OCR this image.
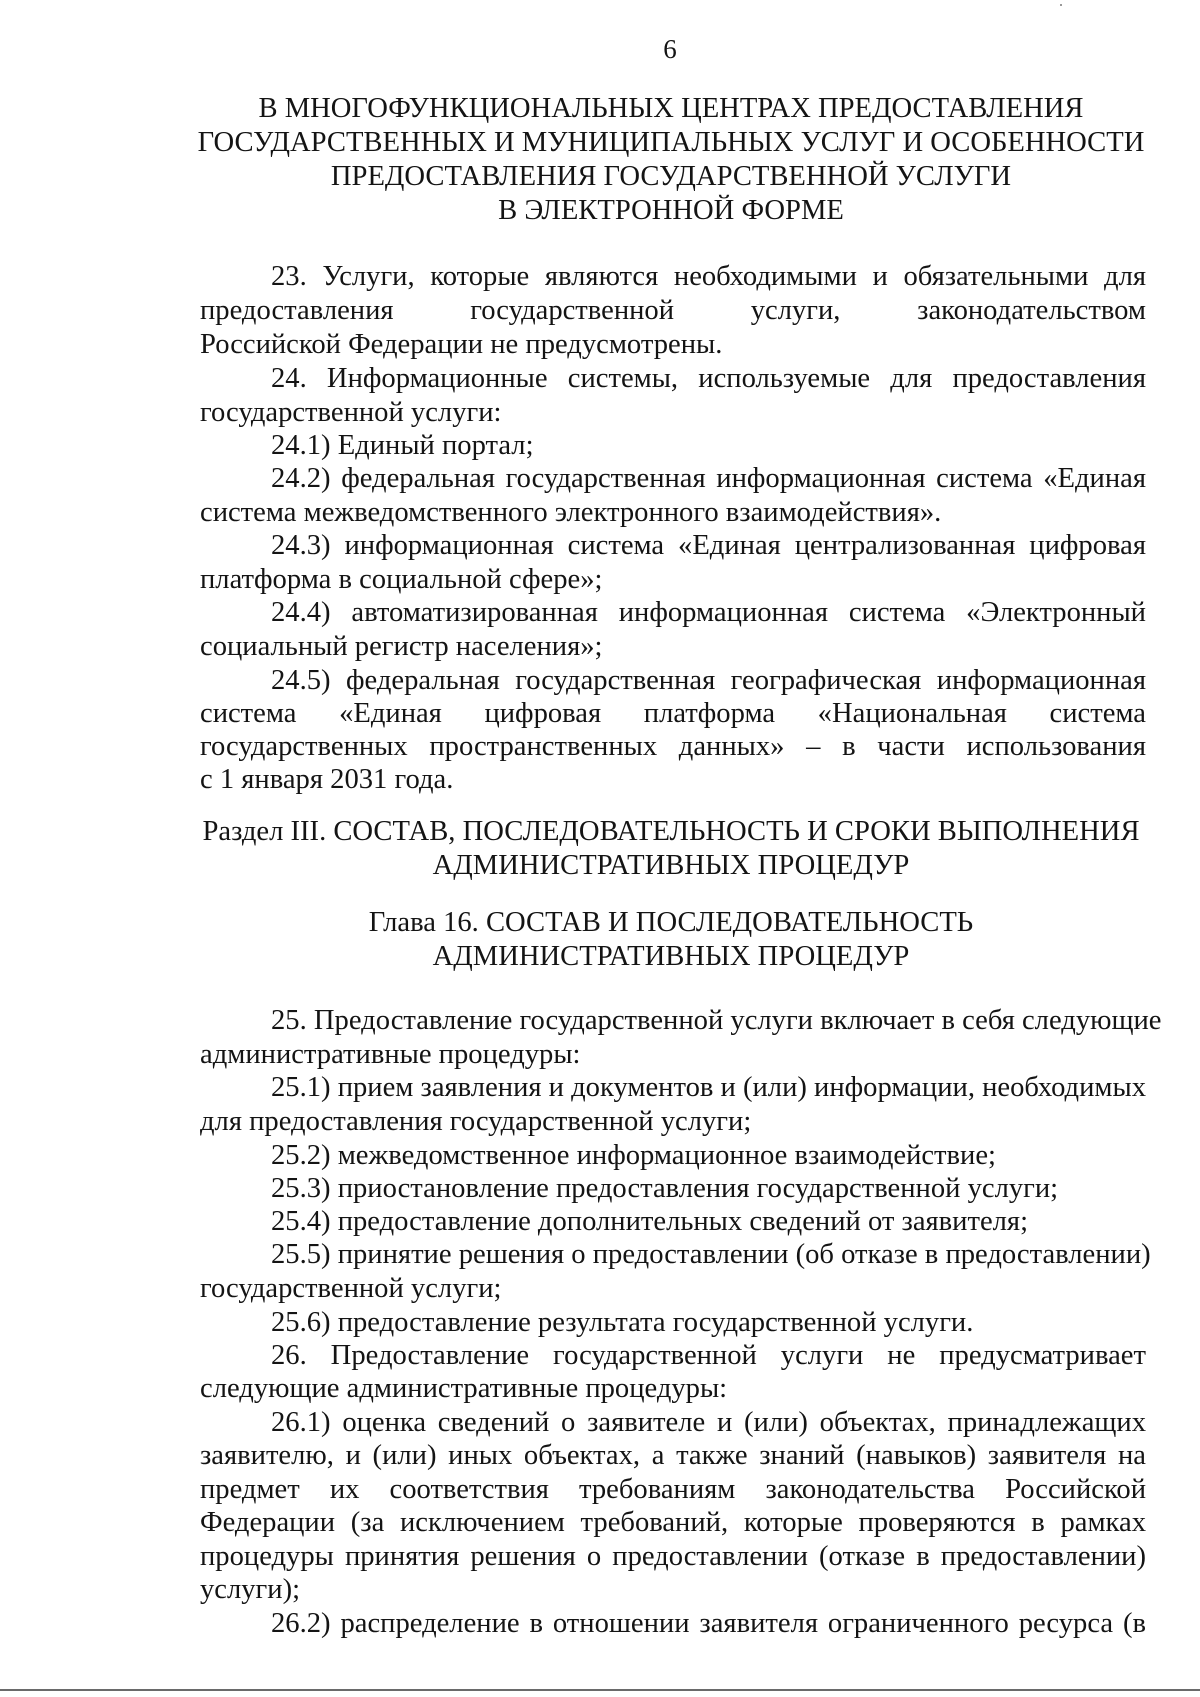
6
В МНОГОФУНКЦИОНАЛЬНЫХ ЦЕНТРАХ ПРЕДОСТАВЛЕНИЯ
ГОСУДАРСТВЕННЫХ И МУНИЦИПАЛЬНЫХ УСЛУГ И ОСОБЕННОСТИ
ПРЕДОСТАВЛЕНИЯ ГОСУДАРСТВЕННОЙ УСЛУГИ
В ЭЛЕКТРОННОЙ ФОРМЕ
23. Услуги, которые являются необходимыми и обязательными для
предоставления государственной услуги, законодательством
Российской Федерации не предусмотрены.
24. Информационные системы, используемые для предоставления
государственной услуги:
24.1) Единый портал;
24.2) федеральная государственная информационная система «Единая
система межведомственного электронного взаимодействия».
24.3) информационная система «Единая централизованная цифровая
платформа в социальной сфере»;
24.4) автоматизированная информационная система «Электронный
социальный регистр населения»;
24.5) федеральная государственная географическая информационная
система «Единая цифровая платформа «Национальная система
государственных пространственных данных» – в части использования
с 1 января 2031 года.
Раздел III. СОСТАВ, ПОСЛЕДОВАТЕЛЬНОСТЬ И СРОКИ ВЫПОЛНЕНИЯ
АДМИНИСТРАТИВНЫХ ПРОЦЕДУР
Глава 16. СОСТАВ И ПОСЛЕДОВАТЕЛЬНОСТЬ
АДМИНИСТРАТИВНЫХ ПРОЦЕДУР
25. Предоставление государственной услуги включает в себя следующие
административные процедуры:
25.1) прием заявления и документов и (или) информации, необходимых
для предоставления государственной услуги;
25.2) межведомственное информационное взаимодействие;
25.3) приостановление предоставления государственной услуги;
25.4) предоставление дополнительных сведений от заявителя;
25.5) принятие решения о предоставлении (об отказе в предоставлении)
государственной услуги;
25.6) предоставление результата государственной услуги.
26. Предоставление государственной услуги не предусматривает
следующие административные процедуры:
26.1) оценка сведений о заявителе и (или) объектах, принадлежащих
заявителю, и (или) иных объектах, а также знаний (навыков) заявителя на
предмет их соответствия требованиям законодательства Российской
Федерации (за исключением требований, которые проверяются в рамках
процедуры принятия решения о предоставлении (отказе в предоставлении)
услуги);
26.2) распределение в отношении заявителя ограниченного ресурса (в
